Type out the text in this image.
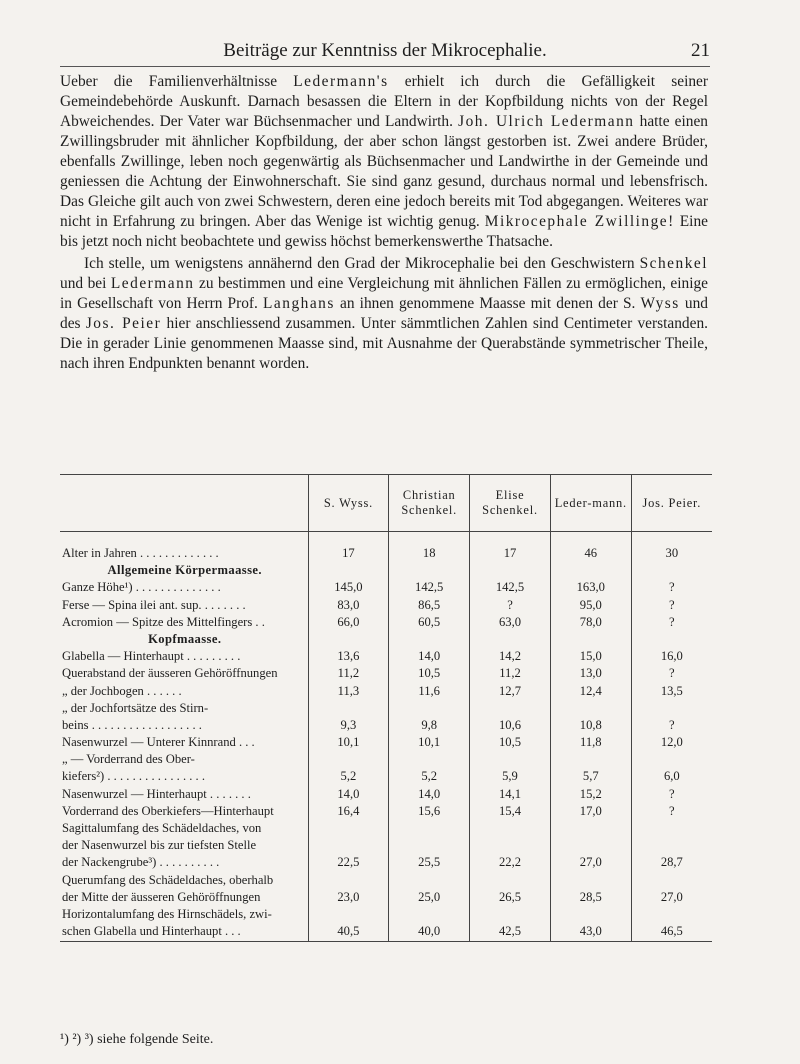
Beiträge zur Kenntniss der Mikrocephalie.	21

Ueber die Familienverhältnisse Ledermann's erhielt ich durch die Gefälligkeit seiner Gemeindebehörde Auskunft. Darnach besassen die Eltern in der Kopfbildung nichts von der Regel Abweichendes. Der Vater war Büchsenmacher und Landwirth. Joh. Ulrich Ledermann hatte einen Zwillingsbruder mit ähnlicher Kopfbildung, der aber schon längst gestorben ist. Zwei andere Brüder, ebenfalls Zwillinge, leben noch gegenwärtig als Büchsenmacher und Landwirthe in der Gemeinde und geniessen die Achtung der Einwohnerschaft. Sie sind ganz gesund, durchaus normal und lebensfrisch. Das Gleiche gilt auch von zwei Schwestern, deren eine jedoch bereits mit Tod abgegangen. Weiteres war nicht in Erfahrung zu bringen. Aber das Wenige ist wichtig genug. Mikrocephale Zwillinge! Eine bis jetzt noch nicht beobachtete und gewiss höchst bemerkenswerthe Thatsache.

Ich stelle, um wenigstens annähernd den Grad der Mikrocephalie bei den Geschwistern Schenkel und bei Ledermann zu bestimmen und eine Vergleichung mit ähnlichen Fällen zu ermöglichen, einige in Gesellschaft von Herrn Prof. Langhans an ihnen genommene Maasse mit denen der S. Wyss und des Jos. Peier hier anschliessend zusammen. Unter sämmtlichen Zahlen sind Centimeter verstanden. Die in gerader Linie genommenen Maasse sind, mit Ausnahme der Querabstände symmetrischer Theile, nach ihren Endpunkten benannt worden.

	S. Wyss.	Christian Schenkel.	Elise Schenkel.	Leder-mann.	Jos. Peier.
Alter in Jahren . . . . . . . . . . . . .	17	18	17	46	30
Allgemeine Körpermaasse.					
Ganze Höhe¹) . . . . . . . . . . . . . .	145,0	142,5	142,5	163,0	?
Ferse — Spina ilei ant. sup. . . . . . . .	83,0	86,5	?	95,0	?
Acromion — Spitze des Mittelfingers . .	66,0	60,5	63,0	78,0	?
Kopfmaasse.					
Glabella — Hinterhaupt . . . . . . . . .	13,6	14,0	14,2	15,0	16,0
Querabstand der äusseren Gehöröffnungen	11,2	10,5	11,2	13,0	?
„ der Jochbogen . . . . . .	11,3	11,6	12,7	12,4	13,5
„ der Jochfortsätze des Stirn-					
beins . . . . . . . . . . . . . . . . . .	9,3	9,8	10,6	10,8	?
Nasenwurzel — Unterer Kinnrand . . .	10,1	10,1	10,5	11,8	12,0
„ — Vorderrand des Ober-					
kiefers²) . . . . . . . . . . . . . . . .	5,2	5,2	5,9	5,7	6,0
Nasenwurzel — Hinterhaupt . . . . . . .	14,0	14,0	14,1	15,2	?
Vorderrand des Oberkiefers—Hinterhaupt	16,4	15,6	15,4	17,0	?
Sagittalumfang des Schädeldaches, von					
der Nasenwurzel bis zur tiefsten Stelle					
der Nackengrube³) . . . . . . . . . .	22,5	25,5	22,2	27,0	28,7
Querumfang des Schädeldaches, oberhalb					
der Mitte der äusseren Gehöröffnungen	23,0	25,0	26,5	28,5	27,0
Horizontalumfang des Hirnschädels, zwi-					
schen Glabella und Hinterhaupt . . .	40,5	40,0	42,5	43,0	46,5
¹) ²) ³) siehe folgende Seite.
